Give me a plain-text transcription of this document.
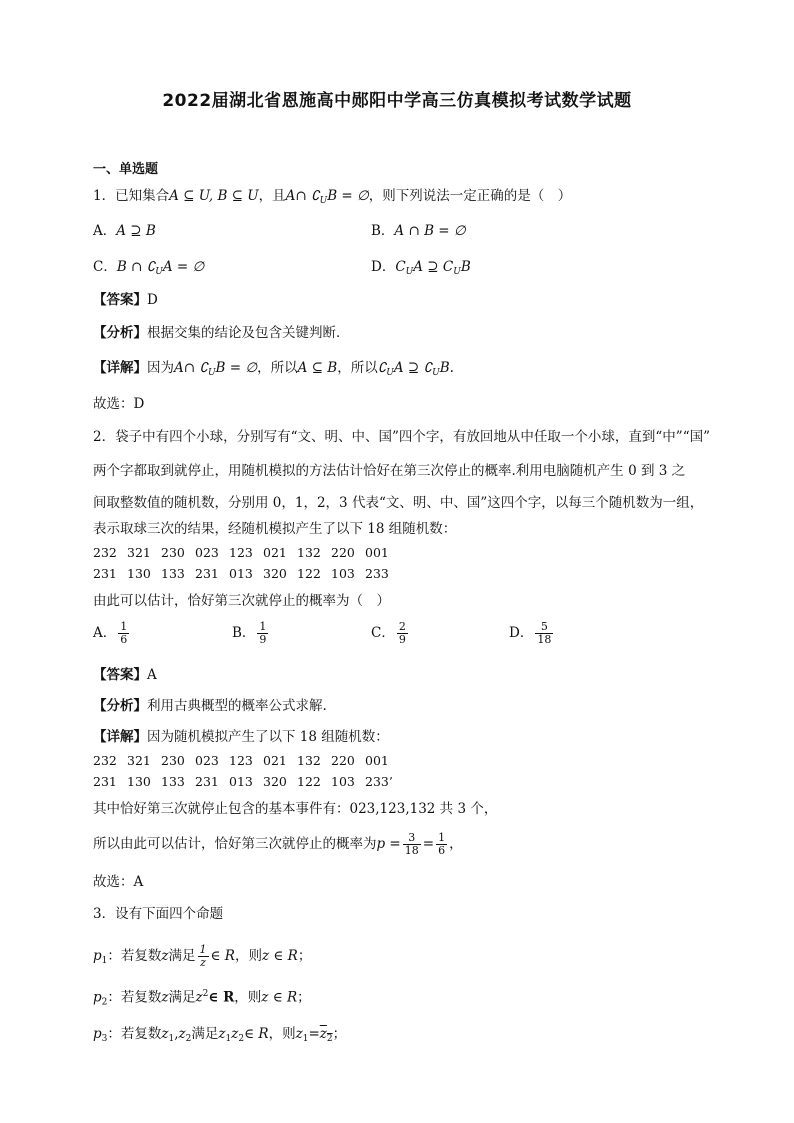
2022届湖北省恩施高中郧阳中学高三仿真模拟考试数学试题
一、单选题
1．已知集合A ⊆ U, B ⊆ U，且A∩ $∁_UB$ = ∅，则下列说法一定正确的是（　）
A．A ⊇ B	B．A ∩ B = ∅
C．B ∩ $∁_UA$ = ∅	D．$C_UA$ ⊇ $C_UB$
【答案】D
【分析】根据交集的结论及包含关键判断．
【详解】因为A∩ $∁_UB$ = ∅，所以A ⊆ B，所以$∁_UA$ ⊇ $∁_UB$.
故选：D
2．袋子中有四个小球，分别写有“文、明、中、国”四个字，有放回地从中任取一个小球，直到“中”“国”
两个字都取到就停止，用随机模拟的方法估计恰好在第三次停止的概率.利用电脑随机产生 0 到 3 之
间取整数值的随机数，分别用 0，1，2，3 代表“文、明、中、国”这四个字，以每三个随机数为一组，
表示取球三次的结果，经随机模拟产生了以下 18 组随机数：
232 321 230 023 123 021 132 220 001
231 130 133 231 013 320 122 103 233
由此可以估计，恰好第三次就停止的概率为（　）
A． $\frac{1}{6}$	B． $\frac{1}{9}$	C． $\frac{2}{9}$	D． $\frac{5}{18}$
【答案】A
【分析】利用古典概型的概率公式求解.
【详解】因为随机模拟产生了以下 18 组随机数：
232 321 230 023 123 021 132 220 001
231 130 133 231 013 320 122 103 233’
其中恰好第三次就停止包含的基本事件有：023,123,132 共 3 个，
所以由此可以估计，恰好第三次就停止的概率为$p = \frac{3}{18} = \frac{1}{6}$ ，
故选：A
3．设有下面四个命题
$p_1$：若复数z满足 $\frac{1}{z}$ ∈ R，则z ∈ R；
$p_2$：若复数z满足$z^2\in$ R，则z ∈ R；
$p_3$：若复数$z_1,z_2$满足$z_1z_2\in$ R，则$z_1=\overline{z}_2$；
